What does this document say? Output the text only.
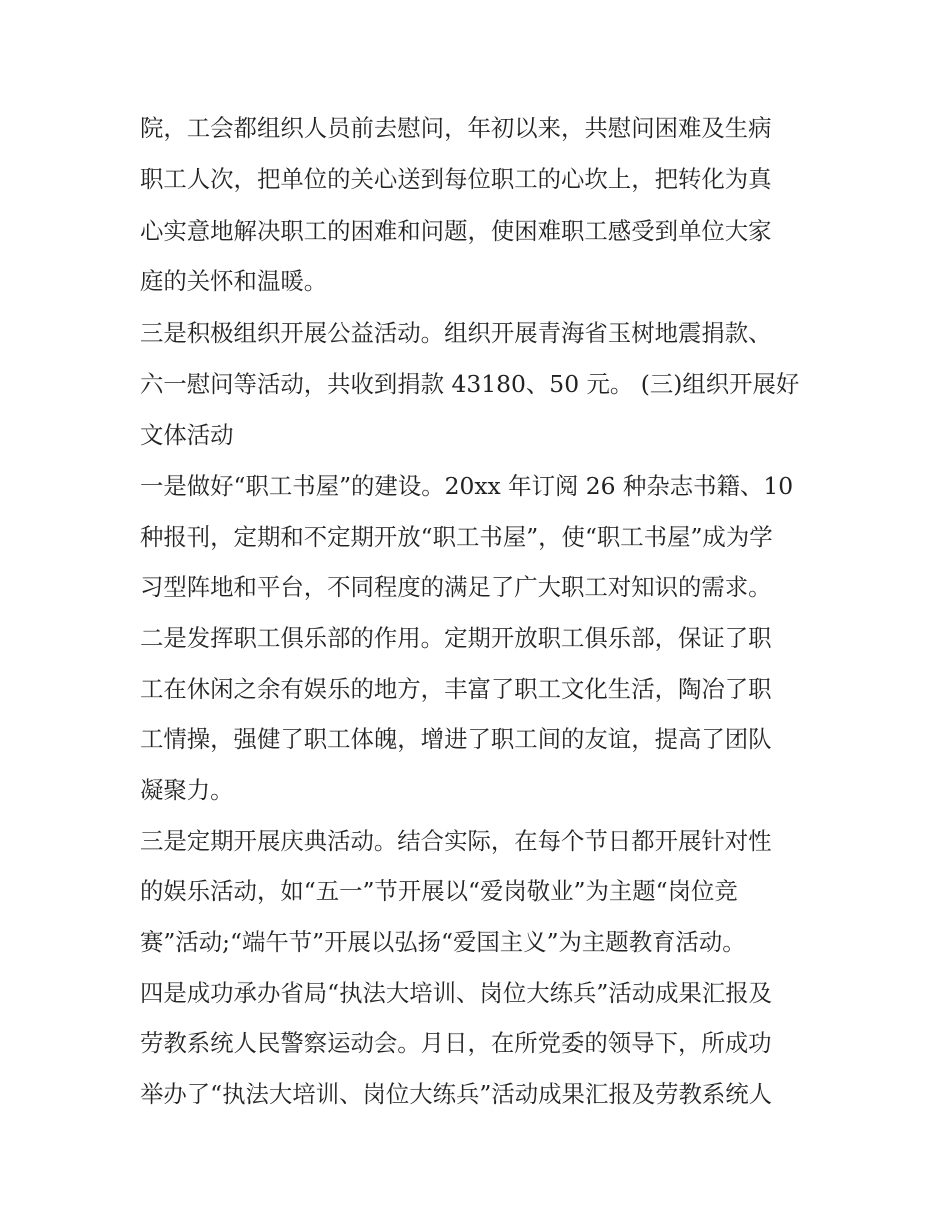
院，工会都组织人员前去慰问，年初以来，共慰问困难及生病
职工人次，把单位的关心送到每位职工的心坎上，把转化为真
心实意地解决职工的困难和问题，使困难职工感受到单位大家
庭的关怀和温暖。
三是积极组织开展公益活动。组织开展青海省玉树地震捐款、
六一慰问等活动，共收到捐款 43180、50 元。 (三)组织开展好
文体活动
一是做好“职工书屋”的建设。20xx 年订阅 26 种杂志书籍、10
种报刊，定期和不定期开放“职工书屋”，使“职工书屋”成为学
习型阵地和平台，不同程度的满足了广大职工对知识的需求。
二是发挥职工俱乐部的作用。定期开放职工俱乐部，保证了职
工在休闲之余有娱乐的地方，丰富了职工文化生活，陶冶了职
工情操，强健了职工体魄，增进了职工间的友谊，提高了团队
凝聚力。
三是定期开展庆典活动。结合实际，在每个节日都开展针对性
的娱乐活动，如“五一”节开展以“爱岗敬业”为主题“岗位竞
赛”活动;“端午节”开展以弘扬“爱国主义”为主题教育活动。
四是成功承办省局“执法大培训、岗位大练兵”活动成果汇报及
劳教系统人民警察运动会。月日，在所党委的领导下，所成功
举办了“执法大培训、岗位大练兵”活动成果汇报及劳教系统人
